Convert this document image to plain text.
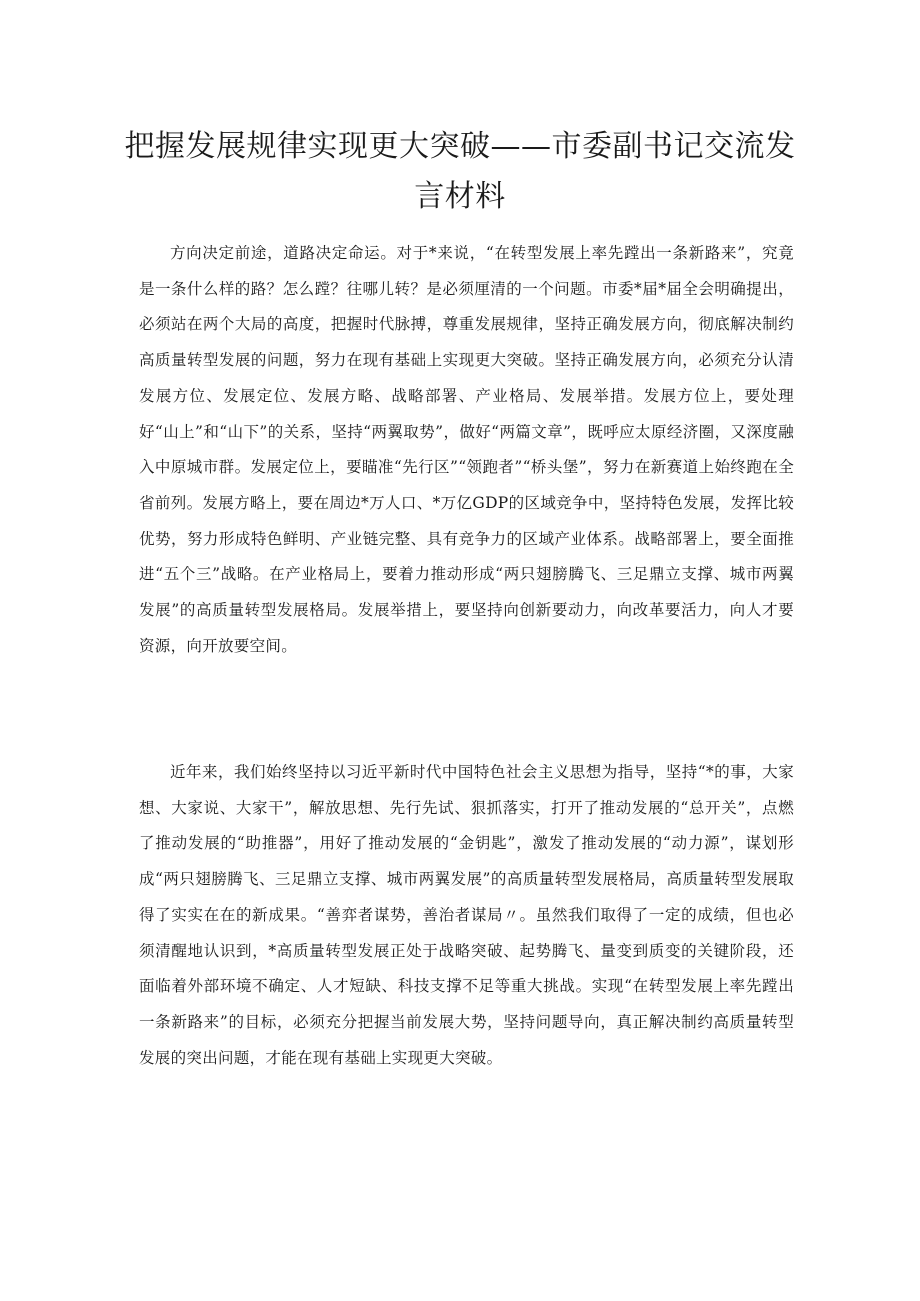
把握发展规律实现更大突破——市委副书记交流发言材料

方向决定前途，道路决定命运。对于*来说，“在转型发展上率先蹚出一条新路来”，究竟是一条什么样的路？怎么蹚？往哪儿转？是必须厘清的一个问题。市委*届*届全会明确提出，必须站在两个大局的高度，把握时代脉搏，尊重发展规律，坚持正确发展方向，彻底解决制约高质量转型发展的问题，努力在现有基础上实现更大突破。坚持正确发展方向，必须充分认清发展方位、发展定位、发展方略、战略部署、产业格局、发展举措。发展方位上，要处理好“山上”和“山下”的关系，坚持“两翼取势”，做好“两篇文章”，既呼应太原经济圈，又深度融入中原城市群。发展定位上，要瞄准“先行区”“领跑者”“桥头堡”，努力在新赛道上始终跑在全省前列。发展方略上，要在周边*万人口、*万亿GDP的区域竞争中，坚持特色发展，发挥比较优势，努力形成特色鲜明、产业链完整、具有竞争力的区域产业体系。战略部署上，要全面推进“五个三”战略。在产业格局上，要着力推动形成“两只翅膀腾飞、三足鼎立支撑、城市两翼发展”的高质量转型发展格局。发展举措上，要坚持向创新要动力，向改革要活力，向人才要资源，向开放要空间。

近年来，我们始终坚持以习近平新时代中国特色社会主义思想为指导，坚持“*的事，大家想、大家说、大家干”，解放思想、先行先试、狠抓落实，打开了推动发展的“总开关”，点燃了推动发展的“助推器”，用好了推动发展的“金钥匙”，激发了推动发展的“动力源”，谋划形成“两只翅膀腾飞、三足鼎立支撑、城市两翼发展”的高质量转型发展格局，高质量转型发展取得了实实在在的新成果。“善弈者谋势，善治者谋局〃。虽然我们取得了一定的成绩，但也必须清醒地认识到，*高质量转型发展正处于战略突破、起势腾飞、量变到质变的关键阶段，还面临着外部环境不确定、人才短缺、科技支撑不足等重大挑战。实现“在转型发展上率先蹚出一条新路来”的目标，必须充分把握当前发展大势，坚持问题导向，真正解决制约高质量转型发展的突出问题，才能在现有基础上实现更大突破。
